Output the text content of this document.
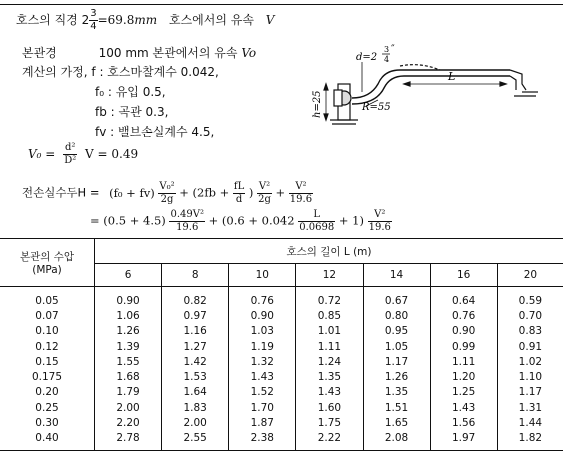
호스의 직경 $2 \frac{3}{4} =69.8mm$ 호스에서의 유속 V
본관경	100 mm 본관에서의 유속 Vo
계산의 가정, f : 호스마찰계수 0.042,
f₀ : 유입 0.5,
fb : 곡관 0.3,
fv : 밸브손실계수 4.5,
$V_0 = \frac{\text{d²}}{\text{D²}}$ V = 0.49
전손실수두$H = (f_0 + fv) \frac{\text{V₀²}}{2g} + (2fb + \frac{fL}{d}$ ) $\frac{\text{V²}}{2g} + \frac{\text{V²}}{19.6}$
= $(0.5 + 4.5) \frac{\text{0.49V²}}{19.6} + (0.6 + 0.042 \frac{L}{0.0698} + 1) \frac{\text{V²}}{19.6}$
d=2
3
4
″
L
R=55
h=25
본관의 수압
(MPa)	호스의 길이 L (m)						
	6	8	10	12	14	16	20
0.05	0.90	0.82	0.76	0.72	0.67	0.64	0.59
0.07	1.06	0.97	0.90	0.85	0.80	0.76	0.70
0.10	1.26	1.16	1.03	1.01	0.95	0.90	0.83
0.12	1.39	1.27	1.19	1.11	1.05	0.99	0.91
0.15	1.55	1.42	1.32	1.24	1.17	1.11	1.02
0.175	1.68	1.53	1.43	1.35	1.26	1.20	1.10
0.20	1.79	1.64	1.52	1.43	1.35	1.25	1.17
0.25	2.00	1.83	1.70	1.60	1.51	1.43	1.31
0.30	2.20	2.00	1.87	1.75	1.65	1.56	1.44
0.40	2.78	2.55	2.38	2.22	2.08	1.97	1.82
